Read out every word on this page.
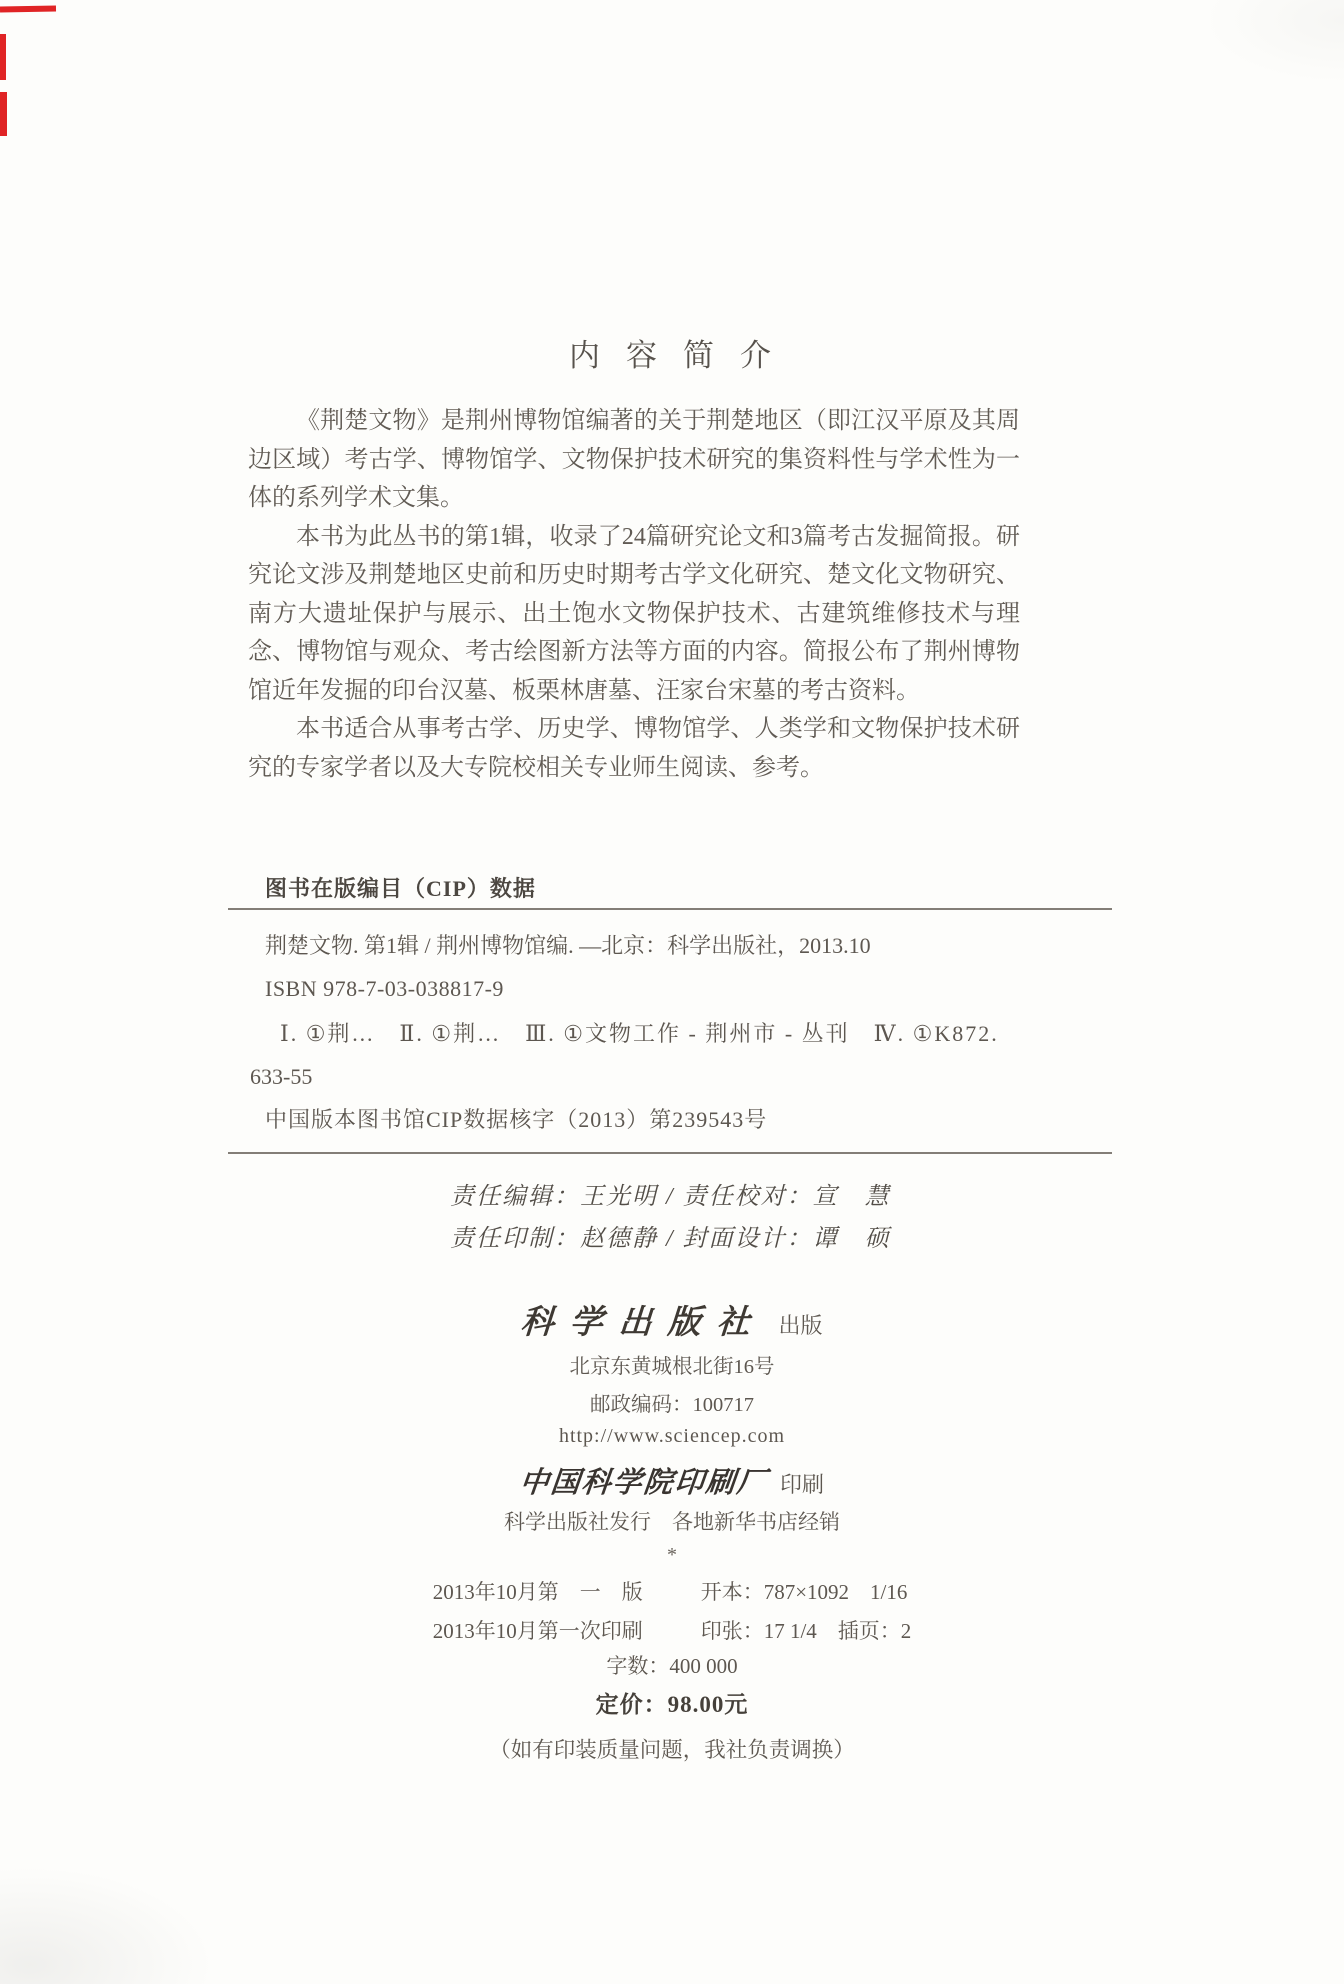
内容简介

《荆楚文物》是荆州博物馆编著的关于荆楚地区（即江汉平原及其周边区域）考古学、博物馆学、文物保护技术研究的集资料性与学术性为一体的系列学术文集。

本书为此丛书的第1辑，收录了24篇研究论文和3篇考古发掘简报。研究论文涉及荆楚地区史前和历史时期考古学文化研究、楚文化文物研究、南方大遗址保护与展示、出土饱水文物保护技术、古建筑维修技术与理念、博物馆与观众、考古绘图新方法等方面的内容。简报公布了荆州博物馆近年发掘的印台汉墓、板栗林唐墓、汪家台宋墓的考古资料。

本书适合从事考古学、历史学、博物馆学、人类学和文物保护技术研究的专家学者以及大专院校相关专业师生阅读、参考。

图书在版编目（CIP）数据
荆楚文物. 第1辑 / 荆州博物馆编. —北京：科学出版社，2013.10
ISBN 978-7-03-038817-9
Ⅰ. ①荆…　Ⅱ. ①荆…　Ⅲ. ①文物工作 - 荆州市 - 丛刊　Ⅳ. ①K872.
633-55
中国版本图书馆CIP数据核字（2013）第239543号
责任编辑：王光明 / 责任校对：宣　慧
责任印制：赵德静 / 封面设计：谭　硕
科学出版社 出版
北京东黄城根北街16号
邮政编码：100717
http://www.sciencep.com
中国科学院印刷厂 印刷
科学出版社发行　各地新华书店经销
*
2013年10月第　一　版	开本：787×1092　1/16
2013年10月第一次印刷	印张：17 1/4　插页：2
字数：400 000
定价：98.00元
（如有印装质量问题，我社负责调换）
